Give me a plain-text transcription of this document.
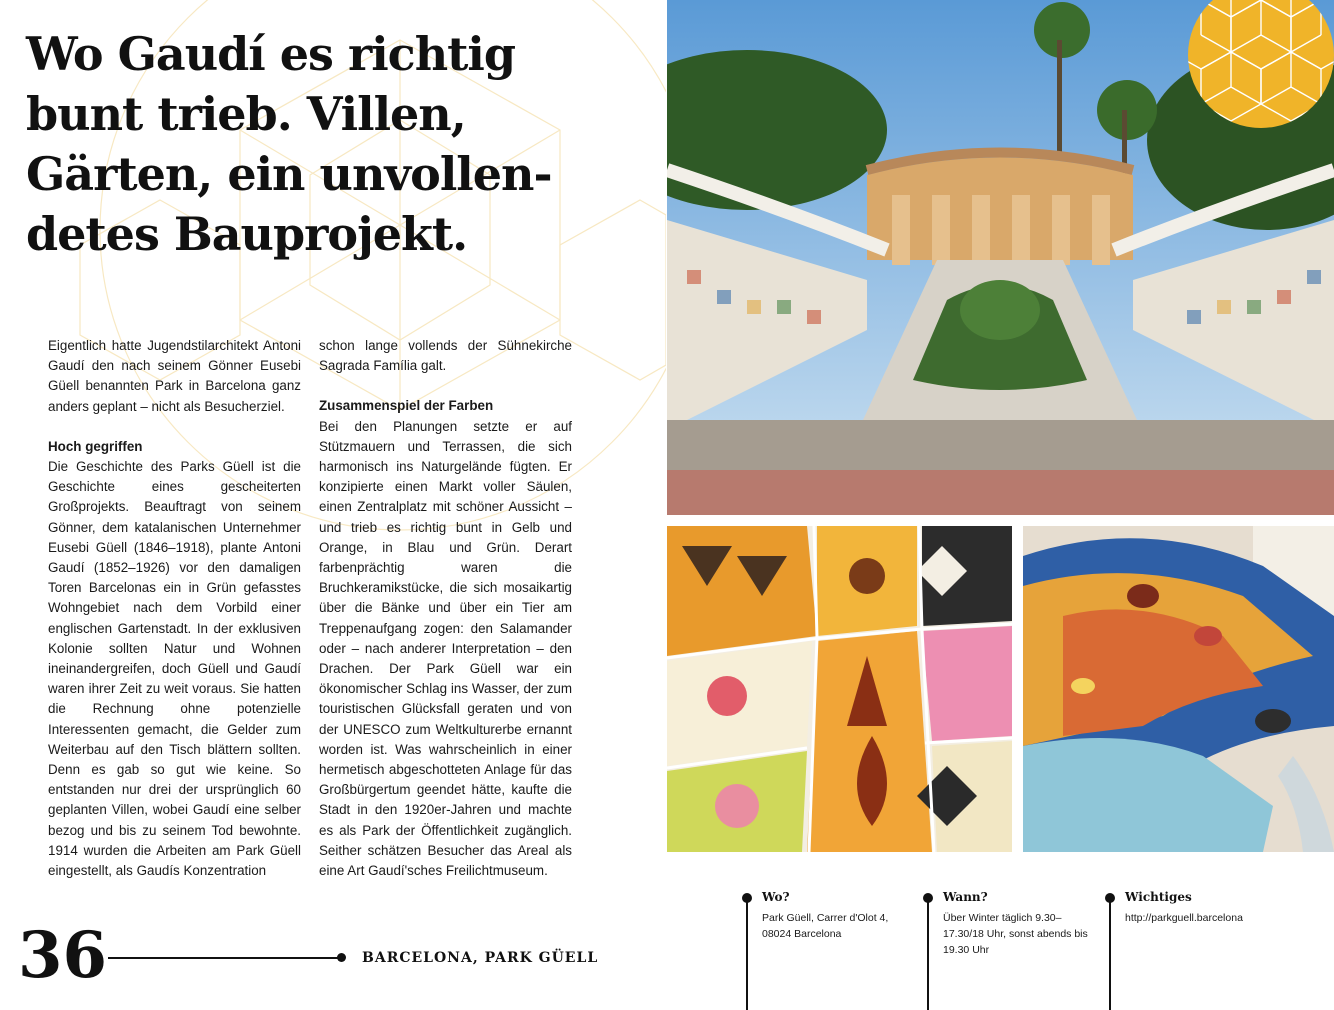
Wo Gaudí es richtig
bunt trieb. Villen,
Gärten, ein unvollen-
detes Bauprojekt.

Eigentlich hatte Jugendstilarchitekt Antoni Gaudí den nach seinem Gönner Eusebi Güell benannten Park in Barcelona ganz anders geplant – nicht als Besucherziel.

Hoch gegriffen

Die Geschichte des Parks Güell ist die Geschichte eines gescheiterten Großprojekts. Beauftragt von seinem Gönner, dem katalanischen Unternehmer Eusebi Güell (1846–1918), plante Antoni Gaudí (1852–1926) vor den damaligen Toren Barcelonas ein in Grün gefasstes Wohngebiet nach dem Vorbild einer englischen Gartenstadt. In der exklusiven Kolonie sollten Natur und Wohnen ineinandergreifen, doch Güell und Gaudí waren ihrer Zeit zu weit voraus. Sie hatten die Rechnung ohne potenzielle Interessenten gemacht, die Gelder zum Weiterbau auf den Tisch blättern sollten. Denn es gab so gut wie keine. So entstanden nur drei der ursprünglich 60 geplanten Villen, wobei Gaudí eine selber bezog und bis zu seinem Tod bewohnte. 1914 wurden die Arbeiten am Park Güell eingestellt, als Gaudís Konzentration

schon lange vollends der Sühnekirche Sagrada Família galt.

Zusammenspiel der Farben

Bei den Planungen setzte er auf Stützmauern und Terrassen, die sich harmonisch ins Naturgelände fügten. Er konzipierte einen Markt voller Säulen, einen Zentralplatz mit schöner Aussicht – und trieb es richtig bunt in Gelb und Orange, in Blau und Grün. Derart farbenprächtig waren die Bruchkeramikstücke, die sich mosaikartig über die Bänke und über ein Tier am Treppenaufgang zogen: den Salamander oder – nach anderer Interpretation – den Drachen. Der Park Güell war ein ökonomischer Schlag ins Wasser, der zum touristischen Glücksfall geraten und von der UNESCO zum Weltkulturerbe ernannt worden ist. Was wahrscheinlich in einer hermetisch abgeschotteten Anlage für das Großbürgertum geendet hätte, kaufte die Stadt in den 1920er-Jahren und machte es als Park der Öffentlichkeit zugänglich. Seither schätzen Besucher das Areal als eine Art Gaudí'sches Freilichtmuseum.

36	BARCELONA, PARK GÜELL
Wo?
Park Güell, Carrer d'Olot 4, 08024 Barcelona
Wann?
Über Winter täglich 9.30–17.30/18 Uhr, sonst abends bis 19.30 Uhr
Wichtiges
http://parkguell.barcelona
